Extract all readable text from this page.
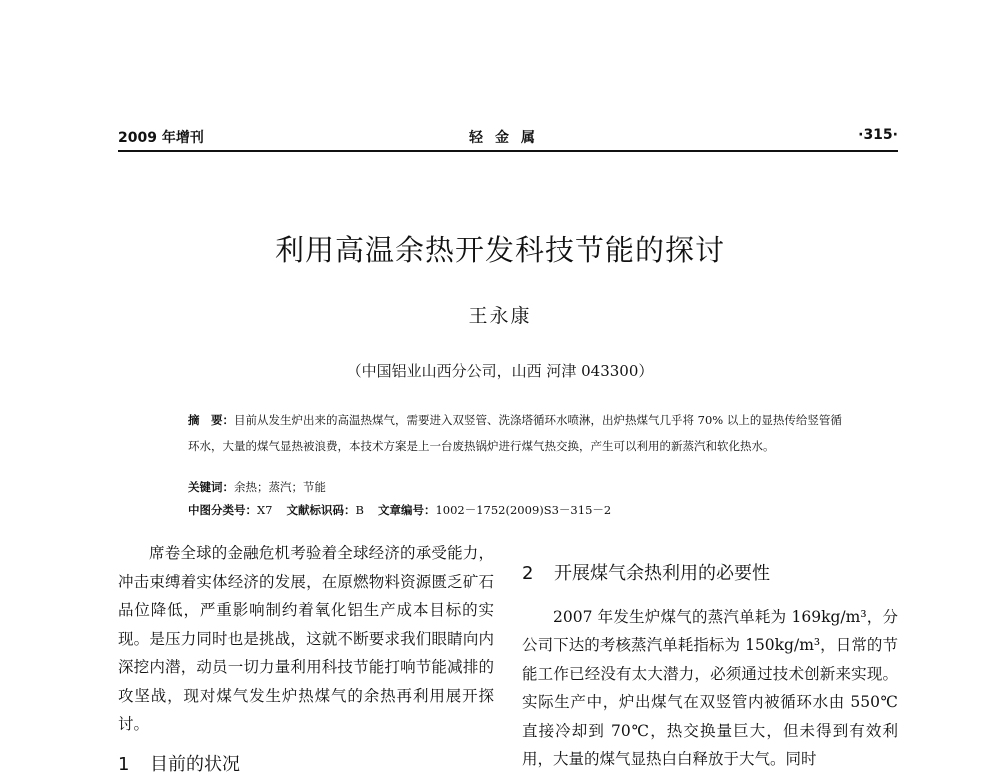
2009 年增刊	轻金属	·315·
利用高温余热开发科技节能的探讨
王永康
（中国铝业山西分公司，山西 河津 043300）
摘　要：目前从发生炉出来的高温热煤气，需要进入双竖管、洗涤塔循环水喷淋，出炉热煤气几乎将 70% 以上的显热传给竖管循环水，大量的煤气显热被浪费，本技术方案是上一台废热锅炉进行煤气热交换，产生可以利用的新蒸汽和软化热水。
关键词：余热；蒸汽；节能
中图分类号：X7 文献标识码：B 文章编号：1002－1752(2009)S3－315－2

席卷全球的金融危机考验着全球经济的承受能力，冲击束缚着实体经济的发展，在原燃物料资源匮乏矿石品位降低，严重影响制约着氧化铝生产成本目标的实现。是压力同时也是挑战，这就不断要求我们眼睛向内深挖内潜，动员一切力量利用科技节能打响节能减排的攻坚战，现对煤气发生炉热煤气的余热再利用展开探讨。

1 目前的状况
2 开展煤气余热利用的必要性

2007 年发生炉煤气的蒸汽单耗为 169kg/m³，分公司下达的考核蒸汽单耗指标为 150kg/m³，日常的节能工作已经没有太大潜力，必须通过技术创新来实现。实际生产中，炉出煤气在双竖管内被循环水由 550℃ 直接冷却到 70℃，热交换量巨大，但未得到有效利用，大量的煤气显热白白释放于大气。同时
